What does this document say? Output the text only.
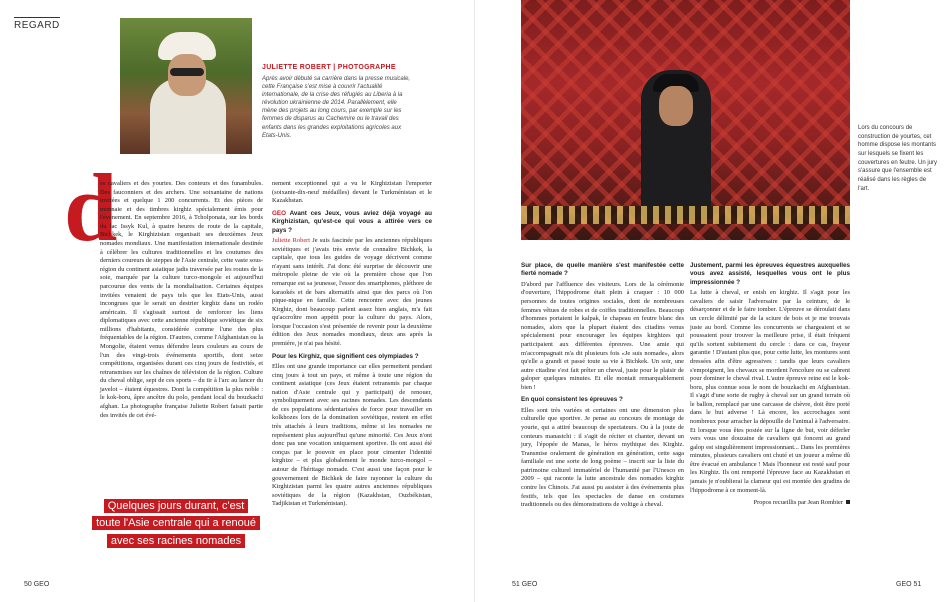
REGARD
JULIETTE ROBERT | PHOTOGRAPHE
Après avoir débuté sa carrière dans la presse musicale, cette Française s'est mise à couvrir l'actualité internationale, de la crise des réfugiés au Liberia à la révolution ukrainienne de 2014. Parallèlement, elle mène des projets au long cours, par exemple sur les femmes de disparus au Cachemire ou le travail des enfants dans les grandes exploitations agricoles aux Etats-Unis.
d

es cavaliers et des yourtes. Des conteurs et des funambules. Des fauconniers et des archers. Une soixantaine de nations invitées et quelque 1 200 concurrents. Et des pièces de monnaie et des timbres kirghiz spécialement émis pour l'événement. En septembre 2016, à Tcholponata, sur les bords du lac Issyk Kul, à quatre heures de route de la capitale, Bichkek, le Kirghizistan organisait ses deuxièmes Jeux nomades mondiaux. Une manifestation internationale destinée à célébrer les cultures traditionnelles et les coutumes des derniers coureurs de steppes de l'Asie centrale, cette vaste sous-région du continent asiatique jadis traversée par les routes de la soie, marquée par la culture turco-mongole et aujourd'hui parcourue des vents de la mondialisation. Certaines équipes invitées venaient de pays tels que les Etats-Unis, aussi incongrues que le serait un destrier kirghiz dans un rodéo américain. Il s'agissait surtout de renforcer les liens diplomatiques avec cette ancienne république soviétique de six millions d'habitants, considérée comme l'une des plus fréquentables de la région. D'autres, comme l'Afghanistan ou la Mongolie, étaient venus défendre leurs couleurs au cours de l'un des vingt-trois événements sportifs, dont seize compétitions, organisées durant ces cinq jours de festivités, et retransmises sur les chaînes de télévision de la région. Culture du cheval oblige, sept de ces sports – du tir à l'arc au lancer du javelot – étaient équestres. Dont la compétition la plus noble : le kok-boru, âpre ancêtre du polo, pendant local du bouzkachi afghan. La photographe française Juliette Robert faisait partie des invités de cet évé-

Quelques jours durant, c'est
toute l'Asie centrale qui a renoué
avec ses racines nomades

nement exceptionnel qui a vu le Kirghizistan l'emporter (soixante-dix-neuf médailles) devant le Turkménistan et le Kazakhstan.

GEO Avant ces Jeux, vous aviez déjà voyagé au Kirghizistan, qu'est-ce qui vous a attirée vers ce pays ?

Juliette Robert Je suis fascinée par les anciennes républiques soviétiques et j'avais très envie de connaître Bichkek, la capitale, que tous les guides de voyage décrivent comme n'ayant sans intérêt. J'ai donc été surprise de découvrir une métropole pleine de vie où la première chose que l'on remarque est sa jeunesse, l'essor des smartphones, pléthore de karaokés et de bars alternatifs ainsi que des parcs où l'on pique-nique en famille. Cette rencontre avec des jeunes Kirghiz, dont beaucoup parlent assez bien anglais, m'a fait qu'accroître mon appétit pour la culture du pays. Alors, lorsque l'occasion s'est présentée de revenir pour la deuxième édition des Jeux nomades mondiaux, deux ans après la première, je n'ai pas hésité.

Pour les Kirghiz, que signifient ces olympiades ?

Elles ont une grande importance car elles permettent pendant cinq jours à tout un pays, et même à toute une région du continent asiatique (ces Jeux étaient retransmis par chaque nation d'Asie centrale qui y participait) de renouer, symboliquement avec ses racines nomades. Les descendants de ces populations sédentarisées de force pour travailler en kolkhozes lors de la domination soviétique, restent en effet très attachés à leurs traditions, même si les nomades ne représentent plus aujourd'hui qu'une minorité. Ces Jeux n'ont donc pas une vocation uniquement sportive. Ils ont aussi été conçus par le pouvoir en place pour cimenter l'identité kirghize – et plus globalement le monde turco-mongol – autour de l'héritage nomade. C'est aussi une façon pour le gouvernement de Bichkek de faire rayonner la culture du Kirghizistan parmi les quatre autres anciennes républiques soviétiques de la région (Kazakhstan, Ouzbékistan, Tadjikistan et Turkménistan).

50 GEO
Lors du concours de construction de yourtes, cet homme dispose les montants sur lesquels se fixent les couvertures en feutre. Un jury s'assure que l'ensemble est réalisé dans les règles de l'art.
Sur place, de quelle manière s'est manifestée cette fierté nomade ?

D'abord par l'affluence des visiteurs. Lors de la cérémonie d'ouverture, l'hippodrome était plein à craquer : 10 000 personnes de toutes origines sociales, dont de nombreuses femmes vêtues de robes et de coiffes traditionnelles. Beaucoup d'hommes portaient le kalpak, le chapeau en feutre blanc des nomades, alors que la plupart étaient des citadins venus spécialement pour encourager les équipes kirghizes qui participaient aux différentes épreuves. Une amie qui m'accompagnait m'a dit plusieurs fois «Je suis nomade», alors qu'elle a grandi et passé toute sa vie à Bichkek. Un soir, une autre citadine s'est fait prêter un cheval, juste pour le plaisir de galoper quelques minutes. Et elle montait remarquablement bien !

En quoi consistent les épreuves ?

Elles sont très variées et certaines ont une dimension plus culturelle que sportive. Je pense au concours de montage de yourte, qui a attiré beaucoup de spectateurs. Ou à la joute de conteurs manastchi : il s'agit de réciter et chanter, devant un jury, l'épopée de Manas, le héros mythique des Kirghiz. Transmise oralement de génération en génération, cette saga familiale est une sorte de long poème – inscrit sur la liste du patrimoine culturel immatériel de l'humanité par l'Unesco en 2009 – qui raconte la lutte ancestrale des nomades kirghiz contre les Chinois. J'ai aussi pu assister à des événements plus festifs, tels que les spectacles de danse en costumes traditionnels ou des démonstrations de voltige à cheval.

Justement, parmi les épreuves équestres auxquelles vous avez assisté, lesquelles vous ont le plus impressionnée ?

La lutte à cheval, er enish en kirghiz. Il s'agit pour les cavaliers de saisir l'adversaire par la ceinture, de le désarçonner et de le faire tomber. L'épreuve se déroulait dans un cercle délimité par de la sciure de bois et je me trouvais juste au bord. Comme les concurrents se chargeaient et se poussaient pour trouver la meilleure prise, il était fréquent qu'ils sortent subitement du cercle : dans ce cas, frayeur garantie ! D'autant plus que, pour cette lutte, les montures sont dressées afin d'être agressives : tandis que leurs cavaliers s'empoignent, les chevaux se mordent l'encolure ou se cabrent pour dominer le cheval rival. L'autre épreuve reine est le kok-boru, plus connue sous le nom de bouzkachi en Afghanistan. Il s'agit d'une sorte de rugby à cheval sur un grand terrain où le ballon, remplacé par une carcasse de chèvre, doit être porté dans le but adverse ! Là encore, les accrochages sont nombreux pour arracher la dépouille de l'animal à l'adversaire. Et lorsque vous êtes postée sur la ligne de but, voir déferler vers vous une douzaine de cavaliers qui foncent au grand galop est singulièrement impressionnant... Dans les premières minutes, plusieurs cavaliers ont chuté et un joueur a même dû être évacué en ambulance ! Mais l'honneur est resté sauf pour les Kirghiz. Ils ont remporté l'épreuve face au Kazakhstan et jamais je n'oublierai la clameur qui est montée des gradins de l'hippodrome à ce moment-là.

Propos recueillis par Jean Rombier
51 GEO	GEO 51
